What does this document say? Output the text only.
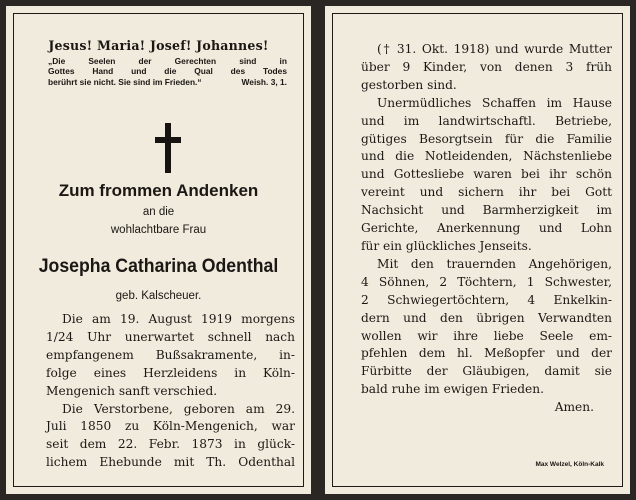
Jesus! Maria! Josef! Johannes!

„Die Seelen der Gerechten sind in

Gottes Hand und die Qual des Todes

berührt sie nicht. Sie sind im Frieden.“	Weish. 3, 1.

Zum frommen Andenken
an die
wohlachtbare Frau
Josepha Catharina Odenthal
geb. Kalscheuer.
Die am 19. August 1919 morgens
1/24 Uhr unerwartet schnell nach
empfangenem Bußsakramente, in-
folge eines Herzleidens in Köln-
Mengenich sanft verschied.
Die Verstorbene, geboren am 29.
Juli 1850 zu Köln-Mengenich, war
seit dem 22. Febr. 1873 in glück-
lichem Ehebunde mit Th. Odenthal
(† 31. Okt. 1918) und wurde Mutter
über 9 Kinder, von denen 3 früh
gestorben sind.
Unermüdliches Schaffen im Hause
und im landwirtschaftl. Betriebe,
gütiges Besorgtsein für die Familie
und die Notleidenden, Nächstenliebe
und Gottesliebe waren bei ihr schön
vereint und sichern ihr bei Gott
Nachsicht und Barmherzigkeit im
Gerichte, Anerkennung und Lohn
für ein glückliches Jenseits.
Mit den trauernden Angehörigen,
4 Söhnen, 2 Töchtern, 1 Schwester,
2 Schwiegertöchtern, 4 Enkelkin-
dern und den übrigen Verwandten
wollen wir ihre liebe Seele em-
pfehlen dem hl. Meßopfer und der
Fürbitte der Gläubigen, damit sie
bald ruhe im ewigen Frieden.
Amen.
Max Welzel, Köln-Kalk
